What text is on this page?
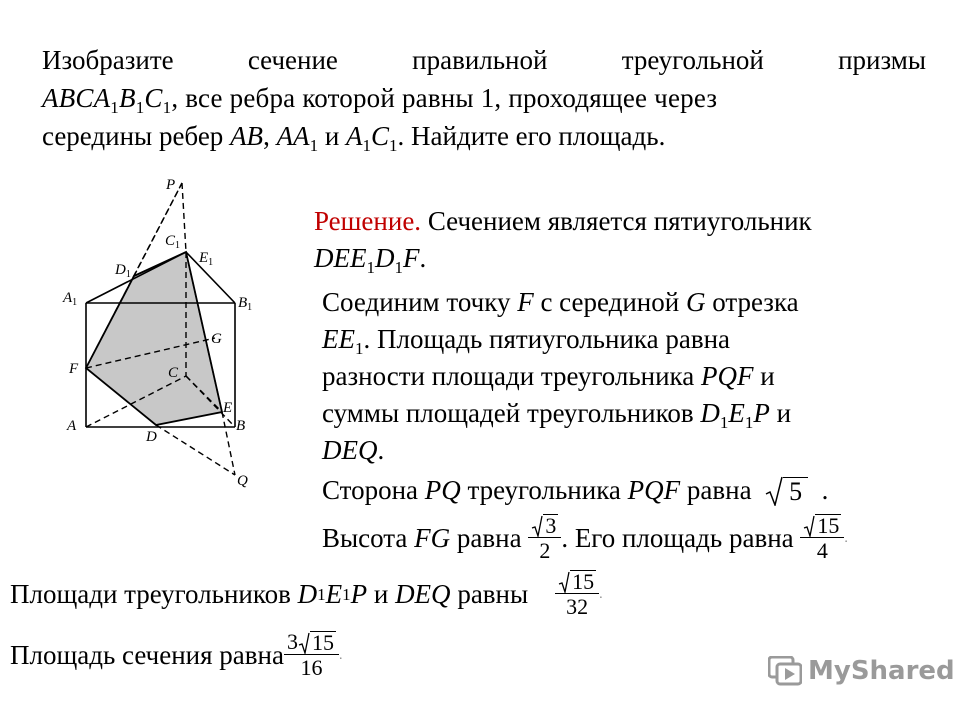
Изобразите	сечение	правильной	треугольной	призмы
$ABCA_1B_1C_1$, все ребра которой равны 1, проходящее через
середины ребер AB, $AA_1$ и $A_1C_1$. Найдите его площадь.
P
$C_1$
$D_1$
$E_1$
$A_1$	$B_1$
G
F	C
E
A
D
B
Q
Решение. Сечением является пятиугольник
$DEE_1D_1F$.
Соединим точку F с серединой G отрезка
$EE_1$. Площадь пятиугольника равна
разности площади треугольника PQF и
суммы площадей треугольников $D_1E_1P$ и
DEQ.
Сторона
PQ
треугольника
PQF
равна
5 .
Высота
FG
равна
$\frac{3}{2}$ . Его площадь равна
$\frac{15}{4}$ .
Площади треугольников
D 1 E 1 P и DEQ
равны
$\frac{15}{32}$ .
Площадь сечения равна $\frac{3 15}{16}$ .
MyShared
